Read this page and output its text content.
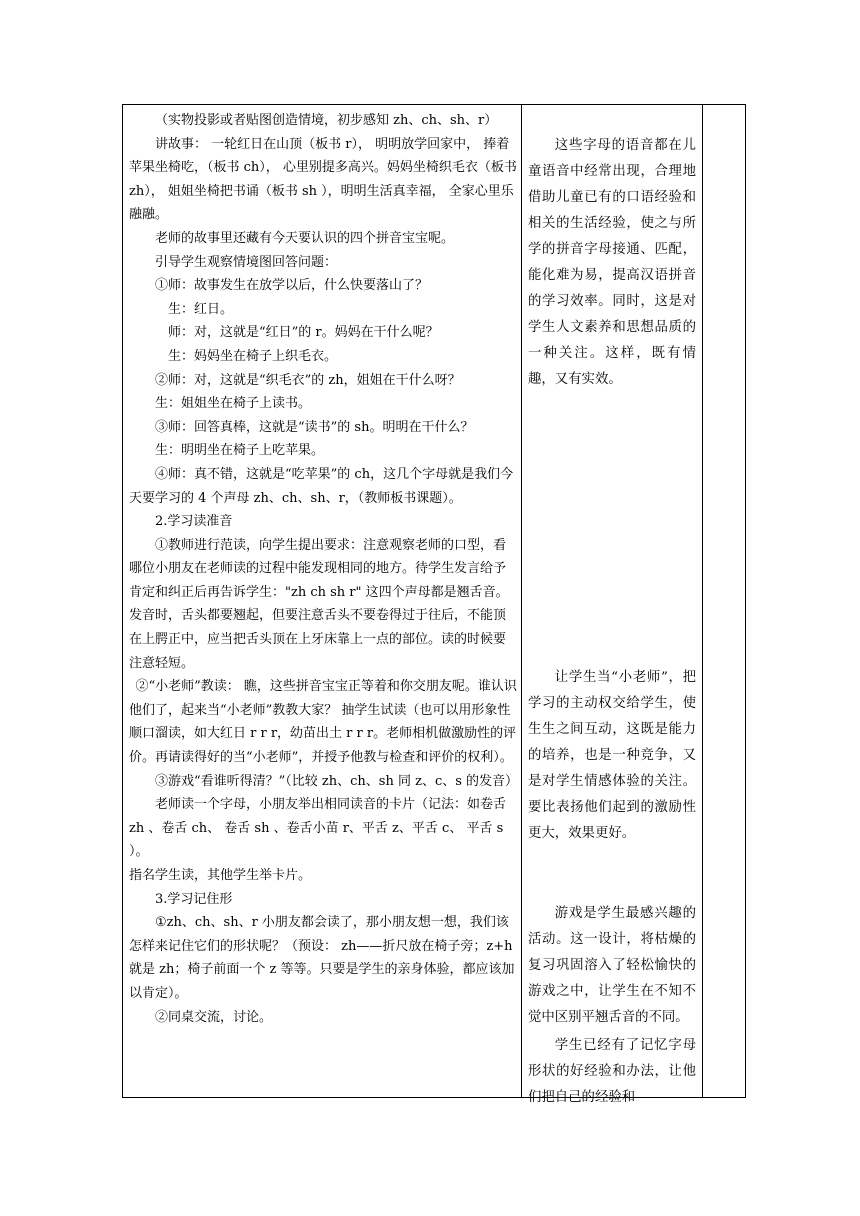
（实物投影或者贴图创造情境，初步感知 zh、ch、sh、r）

讲故事： 一轮红日在山顶（板书 r）， 明明放学回家中， 捧着苹果坐椅吃，（板书 ch）， 心里别提多高兴。妈妈坐椅织毛衣（板书 zh）， 姐姐坐椅把书诵（板书 sh ），明明生活真幸福， 全家心里乐融融。

老师的故事里还藏有今天要认识的四个拼音宝宝呢。

引导学生观察情境图回答问题：

①师：故事发生在放学以后，什么快要落山了？

生：红日。

师：对，这就是“红日”的 r。妈妈在干什么呢？

生：妈妈坐在椅子上织毛衣。

②师：对，这就是“织毛衣”的 zh，姐姐在干什么呀？

生：姐姐坐在椅子上读书。

③师：回答真棒，这就是“读书”的 sh。明明在干什么？

生：明明坐在椅子上吃苹果。

④师：真不错，这就是“吃苹果”的 ch，这几个字母就是我们今天要学习的 4 个声母 zh、ch、sh、r，（教师板书课题）。

2.学习读准音

①教师进行范读，向学生提出要求：注意观察老师的口型，看哪位小朋友在老师读的过程中能发现相同的地方。待学生发言给予肯定和纠正后再告诉学生："zh ch sh r" 这四个声母都是翘舌音。发音时，舌头都要翘起，但要注意舌头不要卷得过于往后，不能顶在上腭正中，应当把舌头顶在上牙床靠上一点的部位。读的时候要注意轻短。

②“小老师”教读： 瞧，这些拼音宝宝正等着和你交朋友呢。谁认识他们了，起来当“小老师”教教大家？ 抽学生试读（也可以用形象性顺口溜读，如大红日 r r r，幼苗出土 r r r。老师相机做激励性的评价。再请读得好的当“小老师”，并授予他教与检查和评价的权利）。

③游戏“看谁听得清？”（比较 zh、ch、sh 同 z、c、s 的发音）

老师读一个字母，小朋友举出相同读音的卡片（记法：如卷舌 zh 、卷舌 ch、 卷舌 sh 、卷舌小苗 r、平舌 z、平舌 c、 平舌 s ）。

指名学生读，其他学生举卡片。

3.学习记住形

①zh、ch、sh、r 小朋友都会读了，那小朋友想一想，我们该怎样来记住它们的形状呢？（预设： zh——折尺放在椅子旁；z+h 就是 zh；椅子前面一个 z 等等。只要是学生的亲身体验，都应该加以肯定）。

②同桌交流，讨论。

这些字母的语音都在儿童语音中经常出现，合理地借助儿童已有的口语经验和相关的生活经验，使之与所学的拼音字母接通、匹配，能化难为易，提高汉语拼音的学习效率。同时，这是对学生人文素养和思想品质的一种关注。这样，既有情趣，又有实效。

让学生当“小老师”，把学习的主动权交给学生，使生生之间互动，这既是能力的培养，也是一种竞争，又是对学生情感体验的关注。要比表扬他们起到的激励性更大，效果更好。

游戏是学生最感兴趣的活动。这一设计，将枯燥的复习巩固溶入了轻松愉快的游戏之中，让学生在不知不觉中区别平翘舌音的不同。

学生已经有了记忆字母形状的好经验和办法，让他们把自己的经验和
